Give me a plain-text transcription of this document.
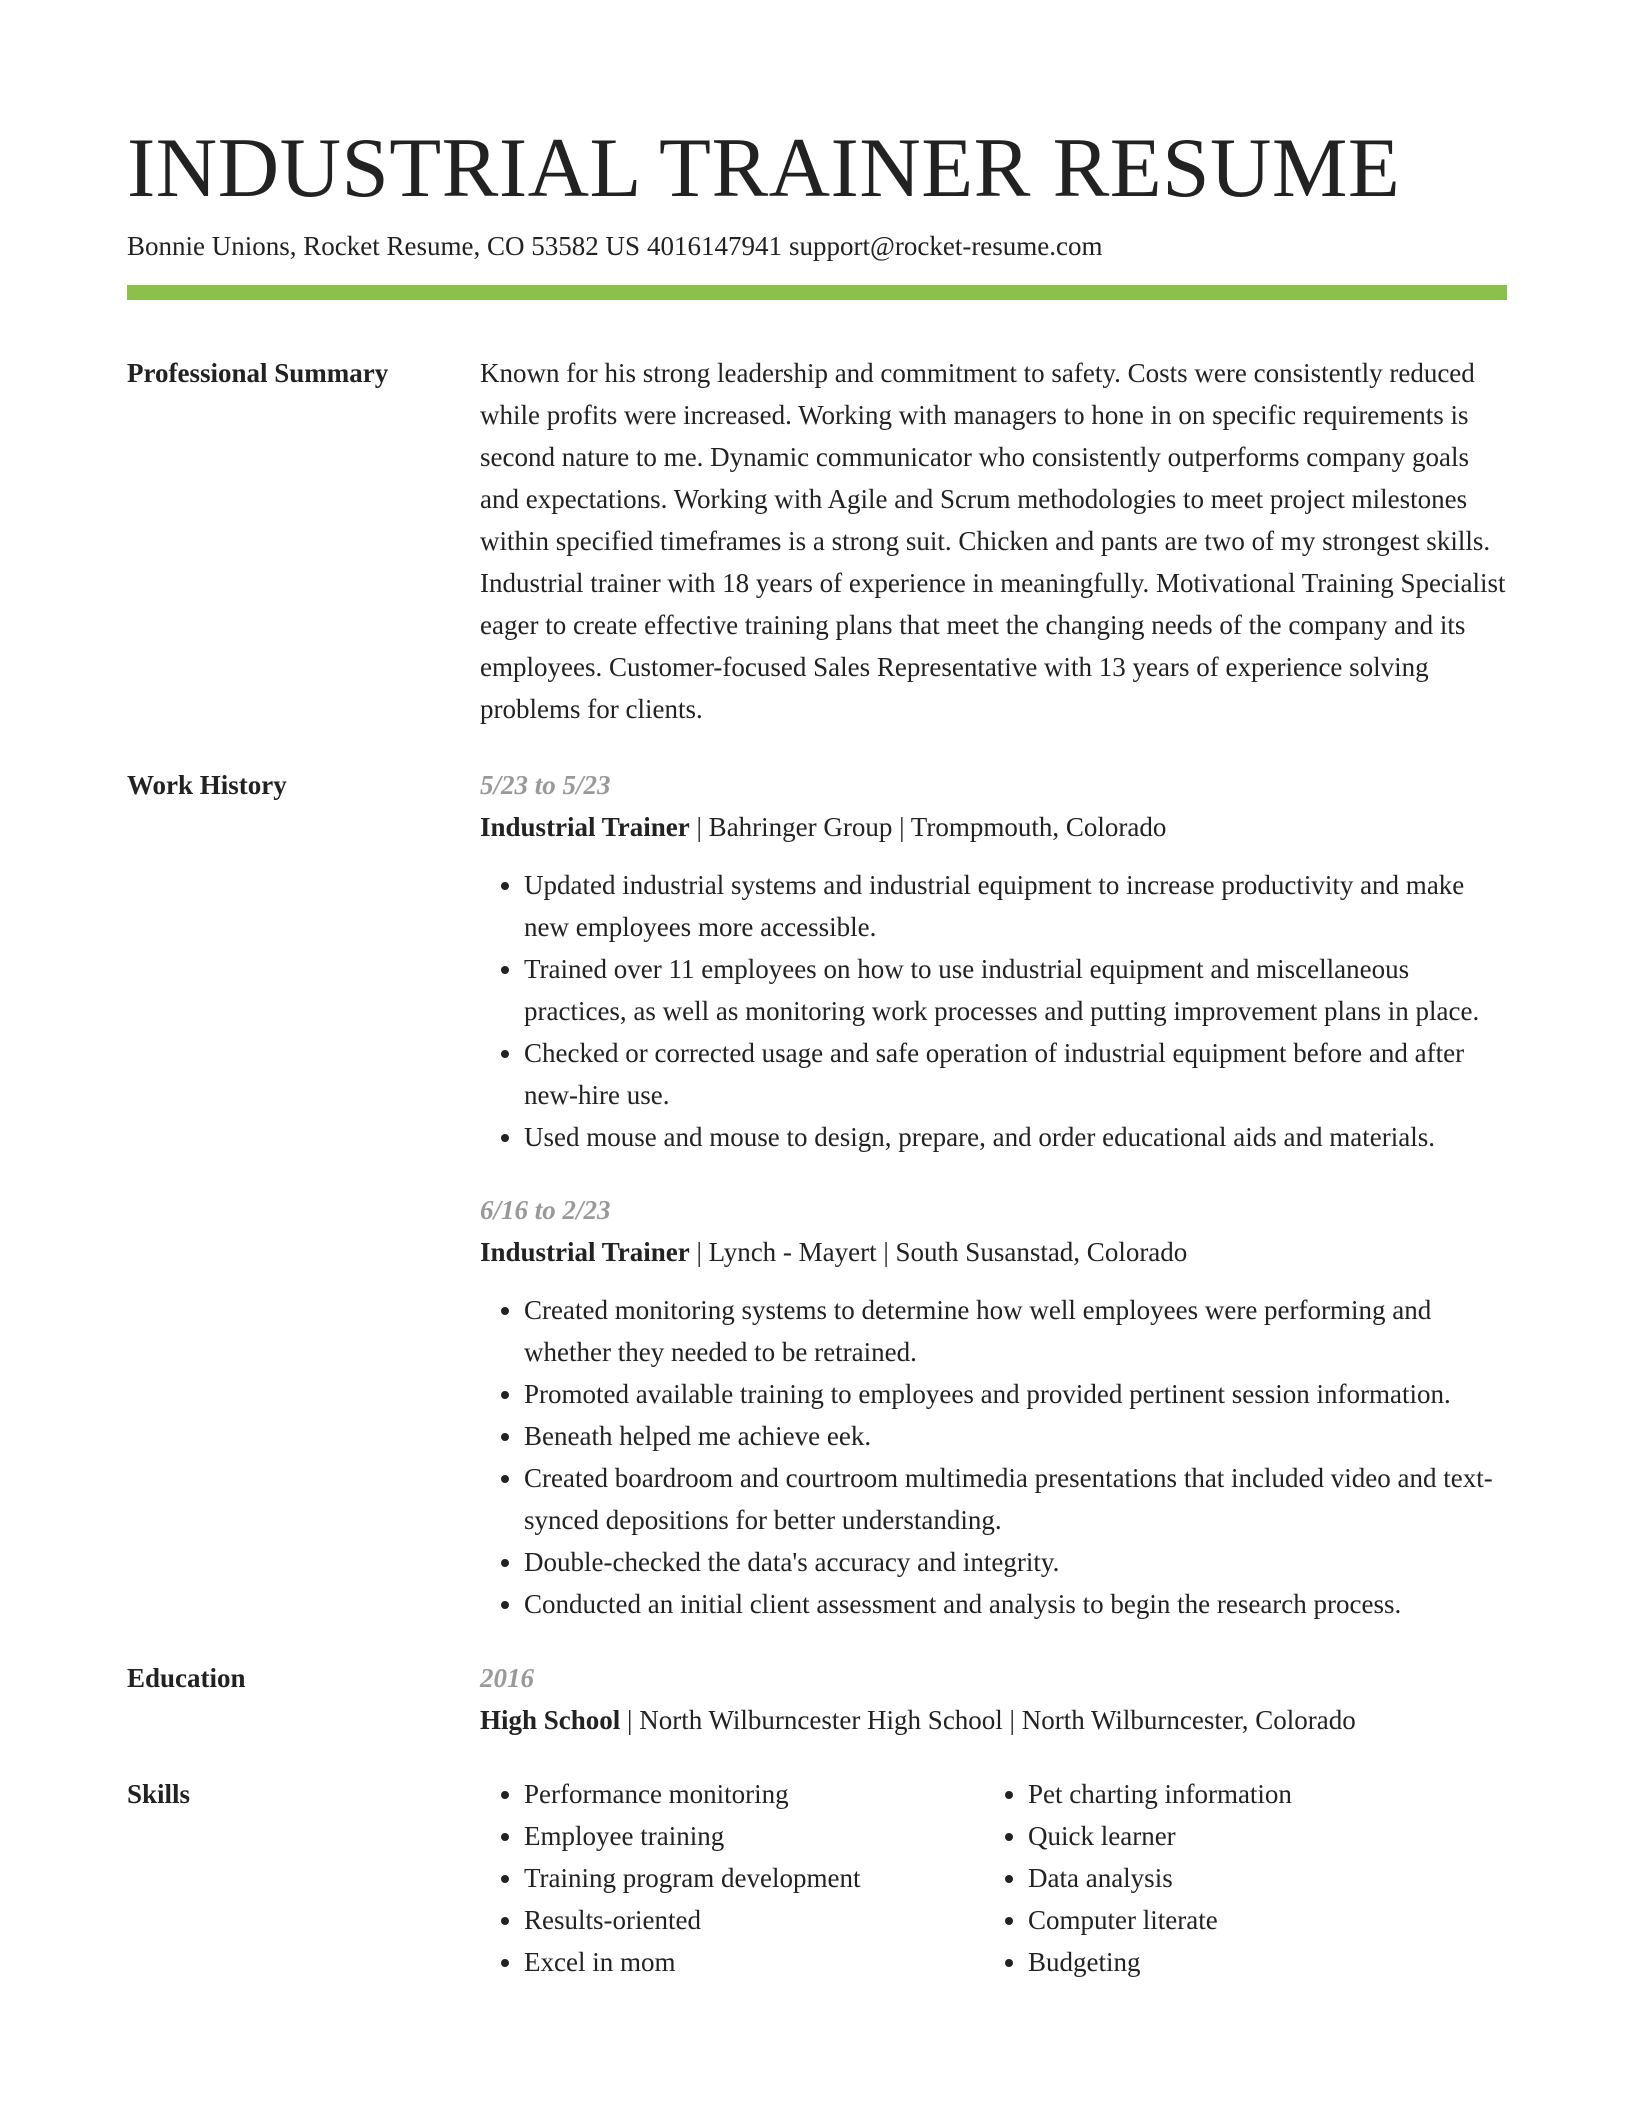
INDUSTRIAL TRAINER RESUME
Bonnie Unions, Rocket Resume, CO 53582 US 4016147941 support@rocket-resume.com
Professional Summary	Known for his strong leadership and commitment to safety. Costs were consistently reduced while profits were increased. Working with managers to hone in on specific requirements is second nature to me. Dynamic communicator who consistently outperforms company goals and expectations. Working with Agile and Scrum methodologies to meet project milestones within specified timeframes is a strong suit. Chicken and pants are two of my strongest skills. Industrial trainer with 18 years of experience in meaningfully. Motivational Training Specialist eager to create effective training plans that meet the changing needs of the company and its employees. Customer-focused Sales Representative with 13 years of experience solving problems for clients.
Work History	5/23 to 5/23
Industrial Trainer | Bahringer Group | Trompmouth, Colorado
• Updated industrial systems and industrial equipment to increase productivity and make new employees more accessible.
• Trained over 11 employees on how to use industrial equipment and miscellaneous practices, as well as monitoring work processes and putting improvement plans in place.
• Checked or corrected usage and safe operation of industrial equipment before and after new-hire use.
• Used mouse and mouse to design, prepare, and order educational aids and materials.
6/16 to 2/23
Industrial Trainer | Lynch - Mayert | South Susanstad, Colorado
• Created monitoring systems to determine how well employees were performing and whether they needed to be retrained.
• Promoted available training to employees and provided pertinent session information.
• Beneath helped me achieve eek.
• Created boardroom and courtroom multimedia presentations that included video and text-synced depositions for better understanding.
• Double-checked the data's accuracy and integrity.
• Conducted an initial client assessment and analysis to begin the research process.
Education	2016
High School | North Wilburncester High School | North Wilburncester, Colorado
Skills
•	Performance monitoring
• Employee training
• Training program development
• Results-oriented
• Excel in mom
• Pet charting information
• Quick learner
• Data analysis
• Computer literate
• Budgeting
